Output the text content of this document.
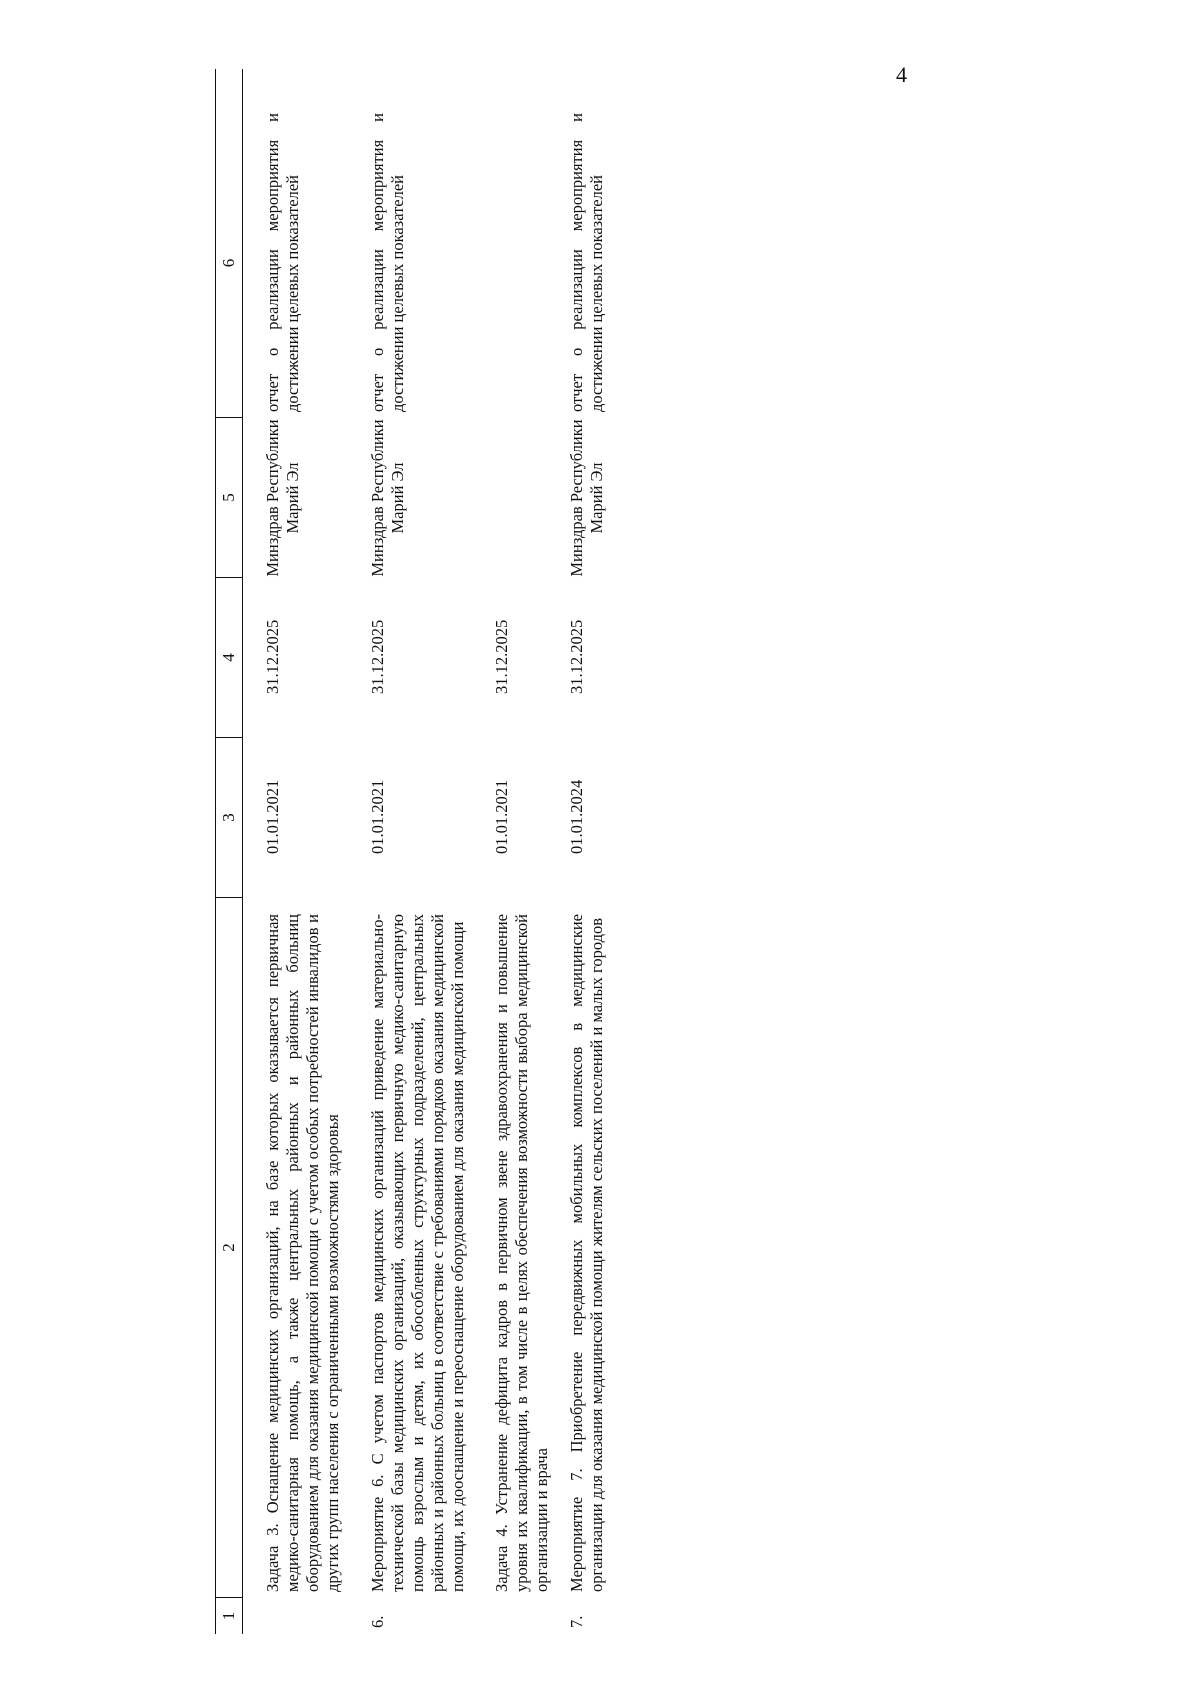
4
1
2
3
4
5
6
Задача 3. Оснащение медицинских организаций, на базе которых оказывается первичная медико-санитарная помощь, а также центральных районных и районных больниц оборудованием для оказания медицинской помощи с учетом особых потребностей инвалидов и других групп населения с ограниченными возможностями здоровья
01.01.2021
31.12.2025
Минздрав Республики Марий Эл
отчет о реализации мероприятия и достижении целевых показателей
6.
Мероприятие 6. С учетом паспортов медицинских организаций приведение материально-технической базы медицинских организаций, оказывающих первичную медико-санитарную помощь взрослым и детям, их обособленных структурных подразделений, центральных районных и районных больниц в соответствие с требованиями порядков оказания медицинской помощи, их дооснащение и переоснащение оборудованием для оказания медицинской помощи
01.01.2021
31.12.2025
Минздрав Республики Марий Эл
отчет о реализации мероприятия и достижении целевых показателей
Задача 4. Устранение дефицита кадров в первичном звене здравоохранения и повышение уровня их квалификации, в том числе в целях обеспечения возможности выбора медицинской организации и врача
01.01.2021
31.12.2025
7.
Мероприятие 7. Приобретение передвижных мобильных комплексов в медицинские организации для оказания медицинской помощи жителям сельских поселений и малых городов
01.01.2024
31.12.2025
Минздрав Республики Марий Эл
отчет о реализации мероприятия и достижении целевых показателей
